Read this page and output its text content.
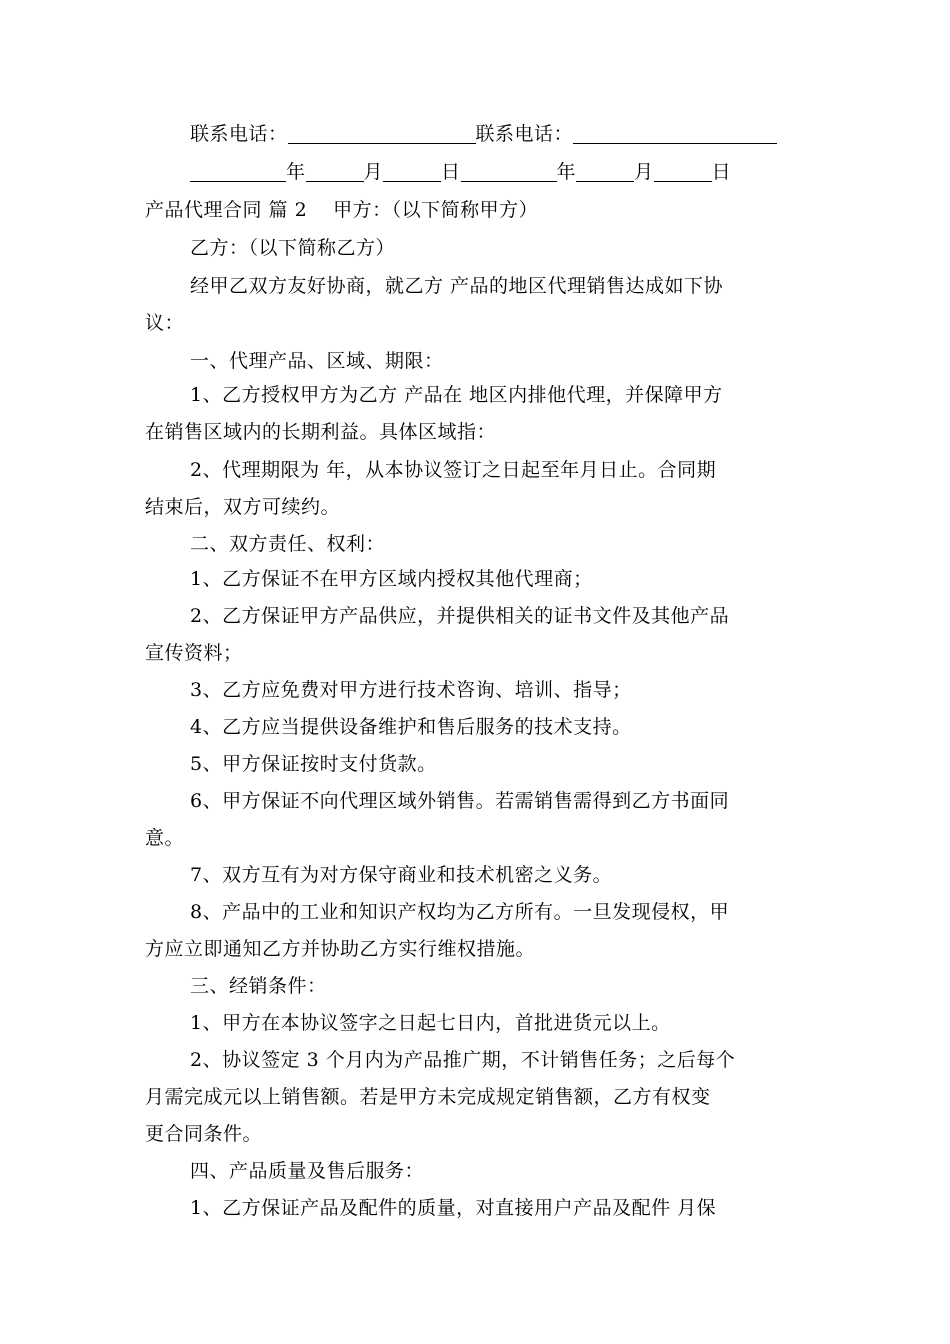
联系电话：	联系电话：
年	月	日	年	月	日
产品代理合同 篇 2 甲方：（以下简称甲方）
乙方：（以下简称乙方）
经甲乙双方友好协商，就乙方 产品的地区代理销售达成如下协
议：
一、代理产品、区域、期限：
1、乙方授权甲方为乙方 产品在 地区内排他代理，并保障甲方
在销售区域内的长期利益。具体区域指：
2、代理期限为 年，从本协议签订之日起至年月日止。合同期
结束后，双方可续约。
二、双方责任、权利：
1、乙方保证不在甲方区域内授权其他代理商；
2、乙方保证甲方产品供应，并提供相关的证书文件及其他产品
宣传资料；
3、乙方应免费对甲方进行技术咨询、培训、指导；
4、乙方应当提供设备维护和售后服务的技术支持。
5、甲方保证按时支付货款。
6、甲方保证不向代理区域外销售。若需销售需得到乙方书面同
意。
7、双方互有为对方保守商业和技术机密之义务。
8、产品中的工业和知识产权均为乙方所有。一旦发现侵权，甲
方应立即通知乙方并协助乙方实行维权措施。
三、经销条件：
1、甲方在本协议签字之日起七日内，首批进货元以上。
2、协议签定 3 个月内为产品推广期，不计销售任务；之后每个
月需完成元以上销售额。若是甲方未完成规定销售额，乙方有权变
更合同条件。
四、产品质量及售后服务：
1、乙方保证产品及配件的质量，对直接用户产品及配件 月保
